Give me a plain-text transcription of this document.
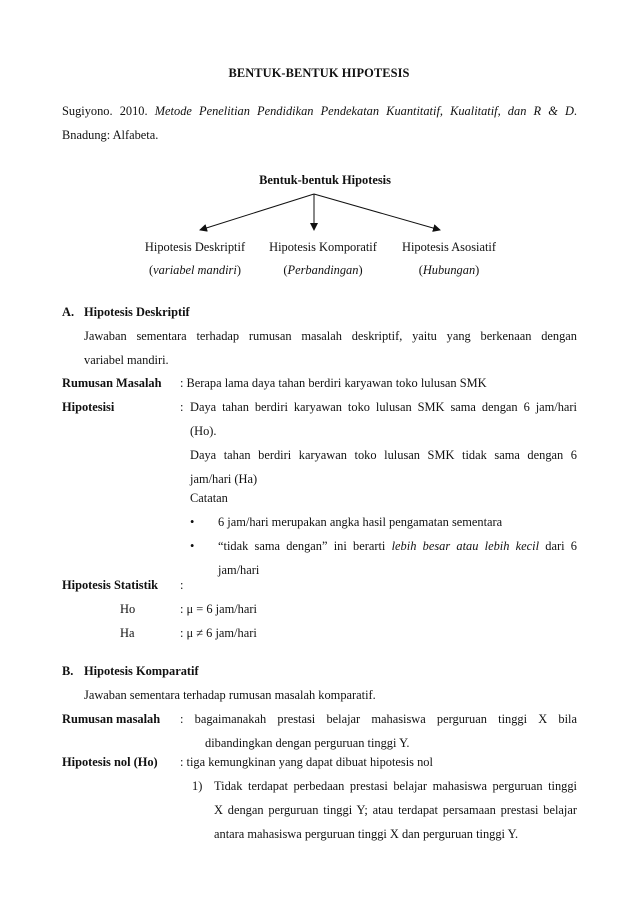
BENTUK-BENTUK HIPOTESIS
Sugiyono. 2010. Metode Penelitian Pendidikan Pendekatan Kuantitatif, Kualitatif, dan R & D.
Bnadung: Alfabeta.
Bentuk-bentuk Hipotesis
Hipotesis Deskriptif
(variabel mandiri)
Hipotesis Komporatif
(Perbandingan)
Hipotesis Asosiatif
(Hubungan)
A. Hipotesis Deskriptif
Jawaban sementara terhadap rumusan masalah deskriptif, yaitu yang berkenaan dengan
variabel mandiri.
Rumusan Masalah : Berapa lama daya tahan berdiri karyawan toko lulusan SMK
Hipotesisi	: Daya tahan berdiri karyawan toko lulusan SMK sama dengan 6 jam/hari
(Ho).
Daya tahan berdiri karyawan toko lulusan SMK tidak sama dengan 6
jam/hari (Ha)
Catatan
• 6 jam/hari merupakan angka hasil pengamatan sementara
• “tidak sama dengan” ini berarti lebih besar atau lebih kecil dari 6
jam/hari
Hipotesis Statistik :
Ho	: μ = 6 jam/hari
Ha	: μ ≠ 6 jam/hari
B. Hipotesis Komparatif
Jawaban sementara terhadap rumusan masalah komparatif.
Rumusan masalah : bagaimanakah prestasi belajar mahasiswa perguruan tinggi X bila
dibandingkan dengan perguruan tinggi Y.
Hipotesis nol (Ho) : tiga kemungkinan yang dapat dibuat hipotesis nol
1) Tidak terdapat perbedaan prestasi belajar mahasiswa perguruan tinggi
X dengan perguruan tinggi Y; atau terdapat persamaan prestasi belajar
antara mahasiswa perguruan tinggi X dan perguruan tinggi Y.
